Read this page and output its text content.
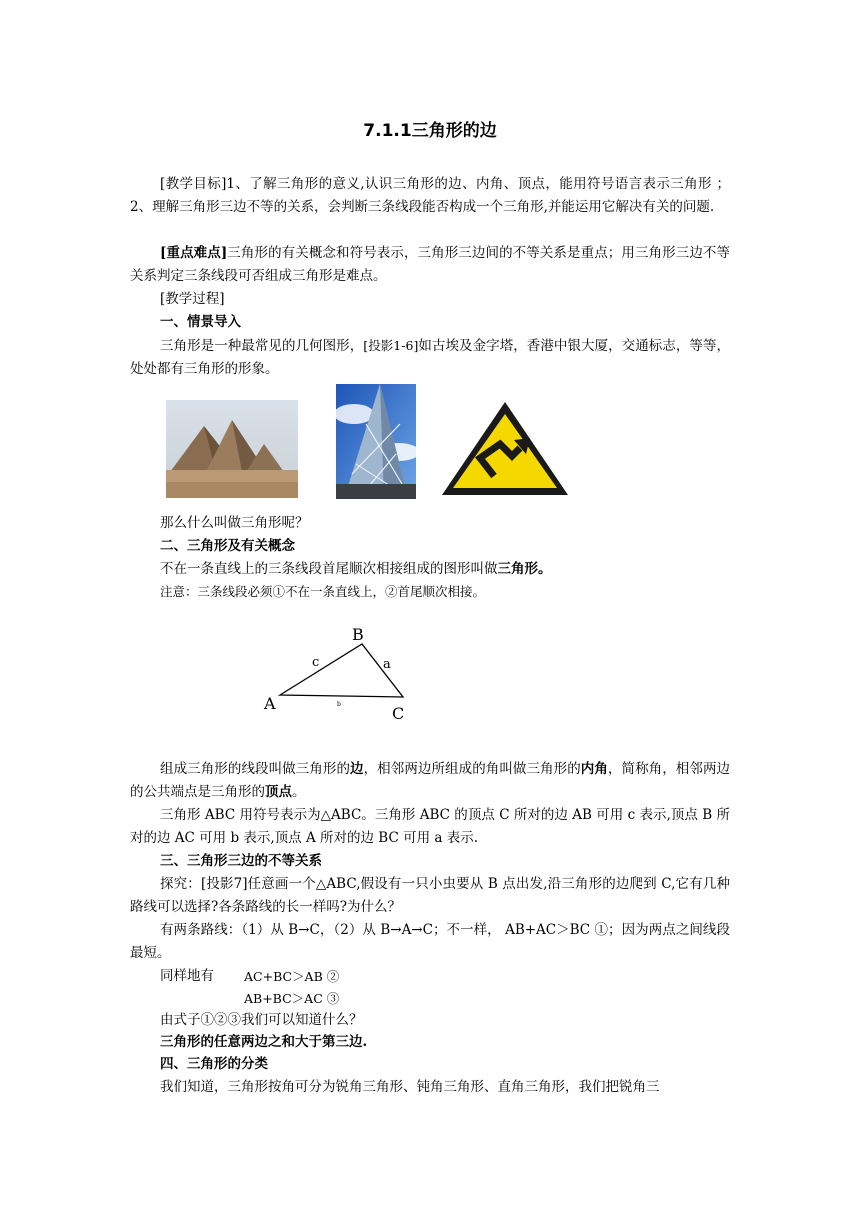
7.1.1三角形的边

[教学目标]1、了解三角形的意义,认识三角形的边、内角、顶点，能用符号语言表示三角形 ；2、理解三角形三边不等的关系，会判断三条线段能否构成一个三角形,并能运用它解决有关的问题.

[重点难点]三角形的有关概念和符号表示，三角形三边间的不等关系是重点；用三角形三边不等关系判定三条线段可否组成三角形是难点。

[教学过程]
一、情景导入

三角形是一种最常见的几何图形，[投影1-6]如古埃及金字塔，香港中银大厦，交通标志，等等，处处都有三角形的形象。

那么什么叫做三角形呢？
二、三角形及有关概念
不在一条直线上的三条线段首尾顺次相接组成的图形叫做三角形。
注意：三条线段必须①不在一条直线上，②首尾顺次相接。
B
A
C
c	a
b

组成三角形的线段叫做三角形的边，相邻两边所组成的角叫做三角形的内角，简称角，相邻两边的公共端点是三角形的顶点。

三角形 ABC 用符号表示为△ABC。三角形 ABC 的顶点 C 所对的边 AB 可用 c 表示,顶点 B 所对的边 AC 可用 b 表示,顶点 A 所对的边 BC 可用 a 表示.

三、三角形三边的不等关系

探究：[投影7]任意画一个△ABC,假设有一只小虫要从 B 点出发,沿三角形的边爬到 C,它有几种路线可以选择?各条路线的长一样吗?为什么？

有两条路线：（1）从 B→C，（2）从 B→A→C；不一样， AB+AC＞BC ①；因为两点之间线段最短。

同样地有 AC+BC＞AB ②
AB+BC＞AC ③
由式子①②③我们可以知道什么？
三角形的任意两边之和大于第三边.
四、三角形的分类
我们知道，三角形按角可分为锐角三角形、钝角三角形、直角三角形，我们把锐角三
